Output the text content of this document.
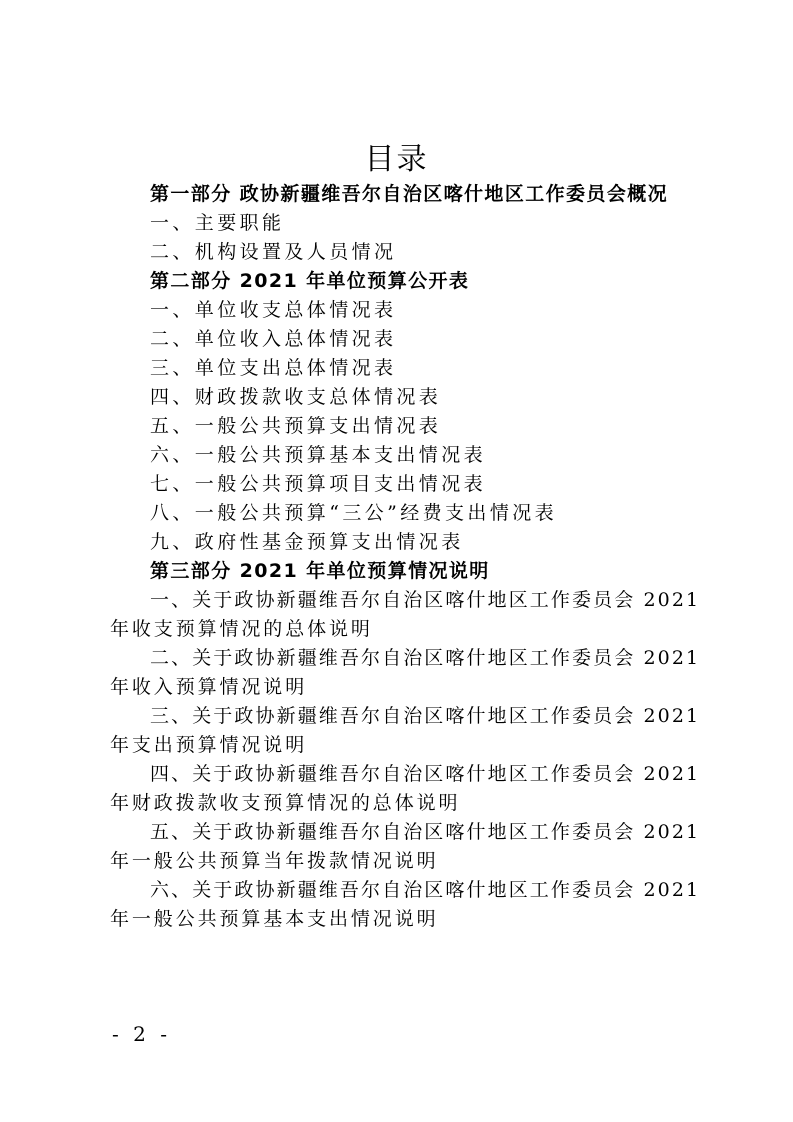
目录
第一部分 政协新疆维吾尔自治区喀什地区工作委员会概况
一、主要职能
二、机构设置及人员情况
第二部分 2021 年单位预算公开表
一、单位收支总体情况表
二、单位收入总体情况表
三、单位支出总体情况表
四、财政拨款收支总体情况表
五、一般公共预算支出情况表
六、一般公共预算基本支出情况表
七、一般公共预算项目支出情况表
八、一般公共预算“三公”经费支出情况表
九、政府性基金预算支出情况表
第三部分 2021 年单位预算情况说明
一、关于政协新疆维吾尔自治区喀什地区工作委员会 2021
年收支预算情况的总体说明
二、关于政协新疆维吾尔自治区喀什地区工作委员会 2021
年收入预算情况说明
三、关于政协新疆维吾尔自治区喀什地区工作委员会 2021
年支出预算情况说明
四、关于政协新疆维吾尔自治区喀什地区工作委员会 2021
年财政拨款收支预算情况的总体说明
五、关于政协新疆维吾尔自治区喀什地区工作委员会 2021
年一般公共预算当年拨款情况说明
六、关于政协新疆维吾尔自治区喀什地区工作委员会 2021
年一般公共预算基本支出情况说明
- 2 -
